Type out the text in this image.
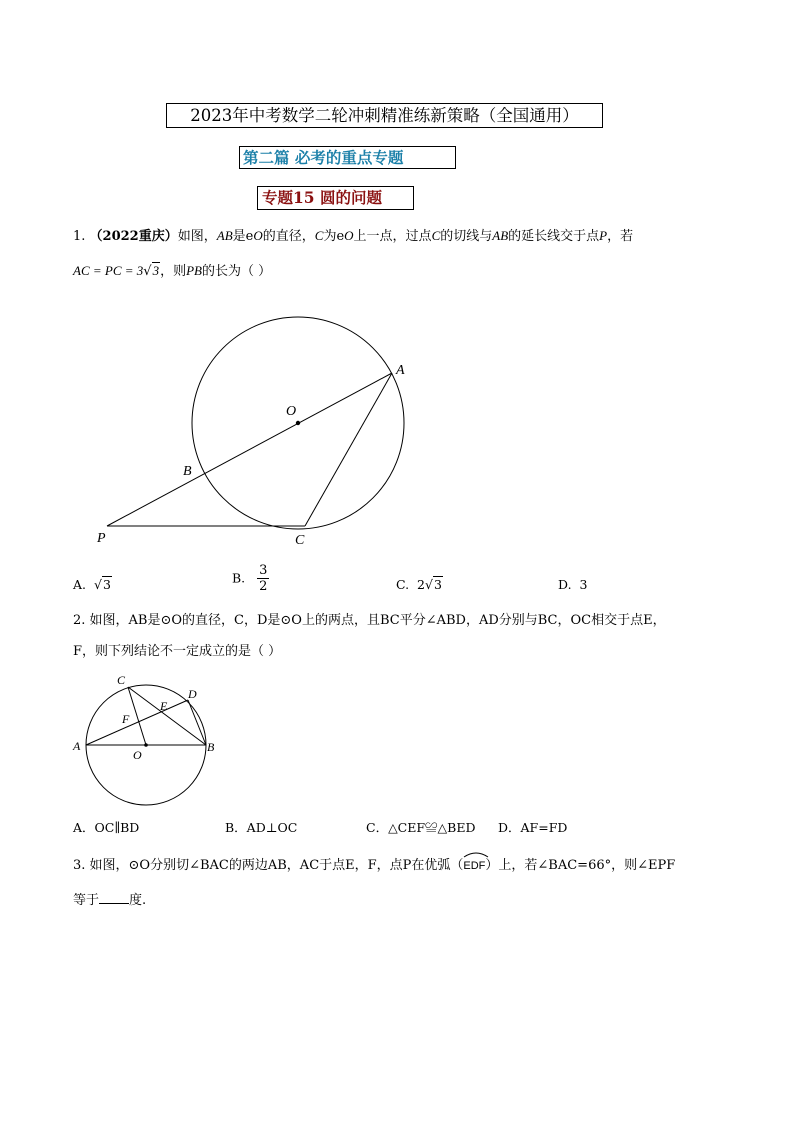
2023年中考数学二轮冲刺精准练新策略（全国通用）
第二篇 必考的重点专题
专题15 圆的问题
1. （2022重庆）如图，AB是eO的直径，C为eO上一点，过点C的切线与AB的延长线交于点P，若
AC = PC = 3√3，则PB的长为（ ）
A
O
B
P	C
A. √3	B. $\frac{3}{2}$	C. 2√3	D. 3
2. 如图，AB是⊙O的直径，C，D是⊙O上的两点，且BC平分∠ABD，AD分别与BC，OC相交于点E，
F，则下列结论不一定成立的是（ ）
C
D
E
F
A
O
B
A．OC∥BD	B．AD⊥OC	C．△CEF≌△BED D．AF=FD
3. 如图，⊙O分别切∠BAC的两边AB，AC于点E，F，点P在优弧（
EDF）上，若∠BAC=66°，则∠EPF
等于 度.
